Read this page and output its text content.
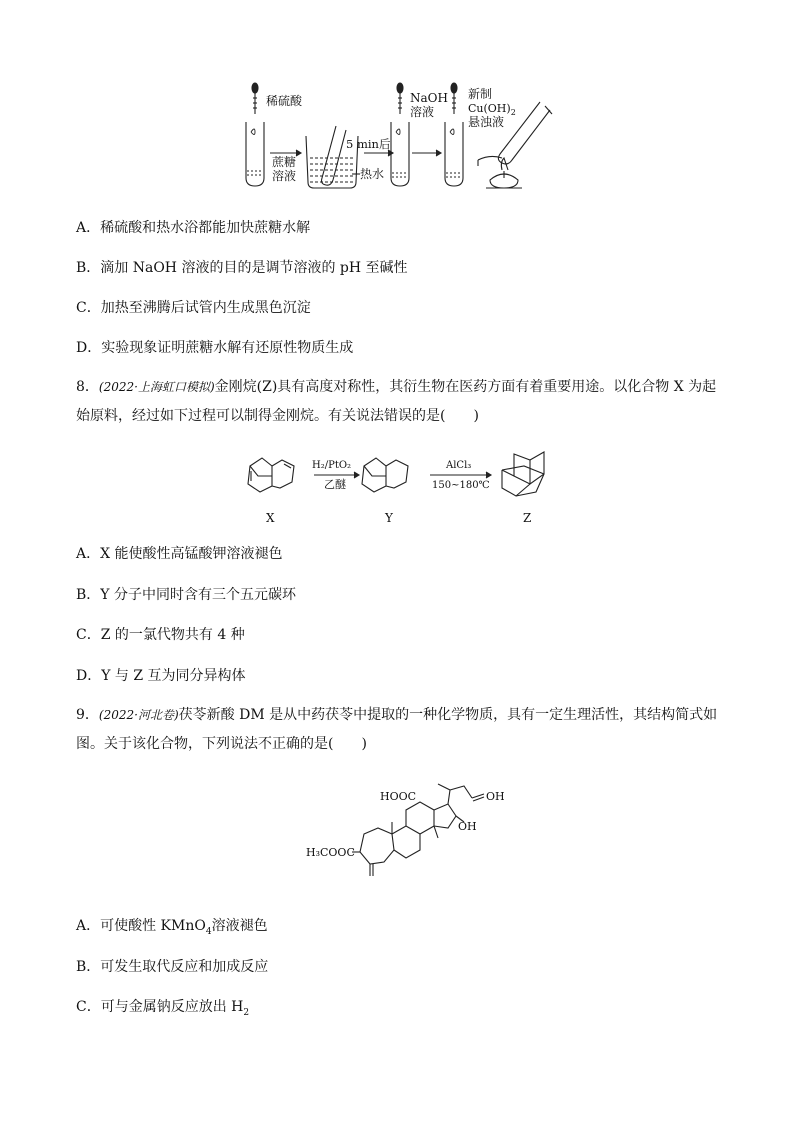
稀硫酸
蔗糖
溶液
5 min后
热水
NaOH
溶液
新制
$Cu(OH)_2$
悬浊液
A．稀硫酸和热水浴都能加快蔗糖水解
B．滴加 NaOH 溶液的目的是调节溶液的 pH 至碱性
C．加热至沸腾后试管内生成黑色沉淀
D．实验现象证明蔗糖水解有还原性物质生成
8．(2022·上海虹口模拟)金刚烷(Z)具有高度对称性，其衍生物在医药方面有着重要用途。以化合物 X 为起
始原料，经过如下过程可以制得金刚烷。有关说法错误的是(　　)
H₂/PtO₂
乙醚
AlCl₃
150~180℃
X	Y	Z
A．X 能使酸性高锰酸钾溶液褪色
B．Y 分子中同时含有三个五元碳环
C．Z 的一氯代物共有 4 种
D．Y 与 Z 互为同分异构体
9．(2022·河北卷)茯苓新酸 DM 是从中药茯苓中提取的一种化学物质，具有一定生理活性，其结构简式如
图。关于该化合物，下列说法不正确的是(　　)
HOOC	OH
OH
H₃COOC
A．可使酸性 KMnO$_4$溶液褪色
B．可发生取代反应和加成反应
C．可与金属钠反应放出 $H_2$
